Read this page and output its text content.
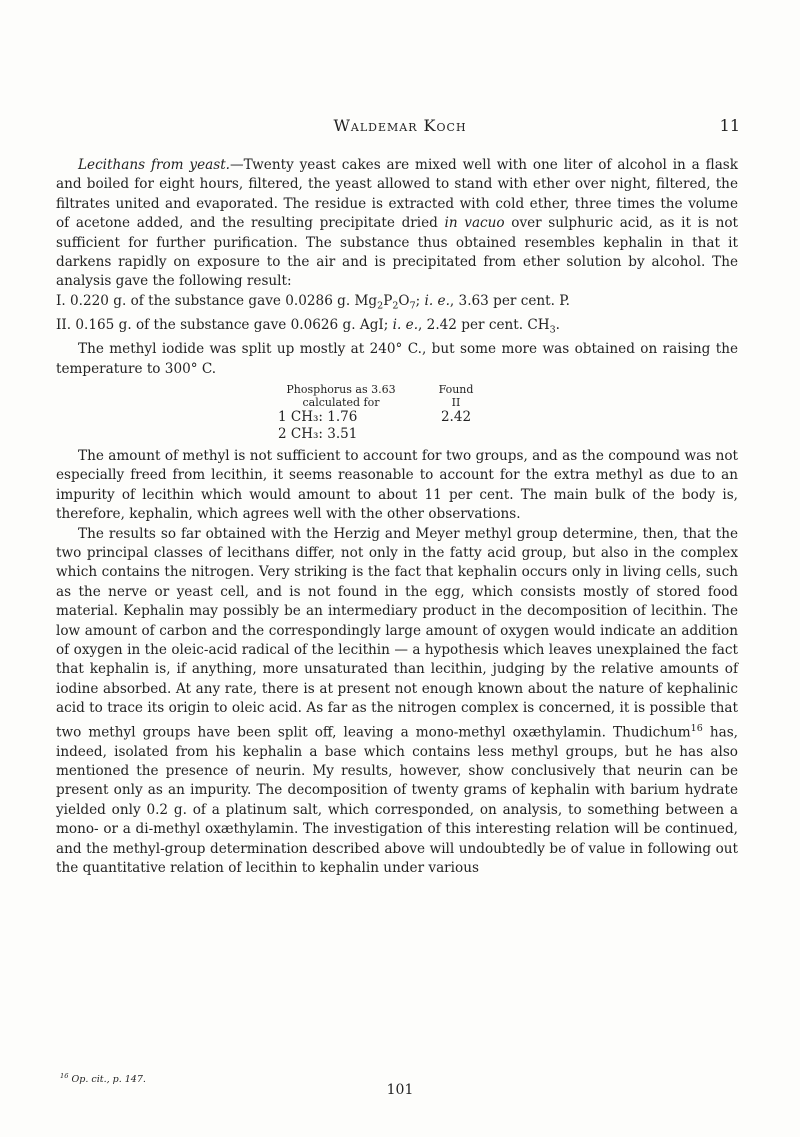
Waldemar Koch	11

Lecithans from yeast.—Twenty yeast cakes are mixed well with one liter of alcohol in a flask and boiled for eight hours, filtered, the yeast allowed to stand with ether over night, filtered, the filtrates united and evaporated. The residue is extracted with cold ether, three times the volume of acetone added, and the resulting precipitate dried in vacuo over sulphuric acid, as it is not sufficient for further purification. The substance thus obtained resembles kephalin in that it darkens rapidly on exposure to the air and is precipitated from ether solution by alcohol. The analysis gave the following result:

I. 0.220 g. of the substance gave 0.0286 g. $Mg_2P_2O_7$; i. e., 3.63 per cent. P.

II. 0.165 g. of the substance gave 0.0626 g. AgI; i. e., 2.42 per cent. $CH_3$.

The methyl iodide was split up mostly at 240° C., but some more was obtained on raising the temperature to 300° C.

Phosphorus as 3.63	Found
calculated for	II
1 CH₃: 1.76	2.42
2 CH₃: 3.51

The amount of methyl is not sufficient to account for two groups, and as the compound was not especially freed from lecithin, it seems reasonable to account for the extra methyl as due to an impurity of lecithin which would amount to about 11 per cent. The main bulk of the body is, therefore, kephalin, which agrees well with the other observations.

The results so far obtained with the Herzig and Meyer methyl group determine, then, that the two principal classes of lecithans differ, not only in the fatty acid group, but also in the complex which contains the nitrogen. Very striking is the fact that kephalin occurs only in living cells, such as the nerve or yeast cell, and is not found in the egg, which consists mostly of stored food material. Kephalin may possibly be an intermediary product in the decomposition of lecithin. The low amount of carbon and the correspondingly large amount of oxygen would indicate an addition of oxygen in the oleic-acid radical of the lecithin — a hypothesis which leaves unexplained the fact that kephalin is, if anything, more unsaturated than lecithin, judging by the relative amounts of iodine absorbed. At any rate, there is at present not enough known about the nature of kephalinic acid to trace its origin to oleic acid. As far as the nitrogen complex is concerned, it is possible that two methyl groups have been split off, leaving a mono-methyl oxæthylamin. Thudichum$^{16}$ has, indeed, isolated from his kephalin a base which contains less methyl groups, but he has also mentioned the presence of neurin. My results, however, show conclusively that neurin can be present only as an impurity. The decomposition of twenty grams of kephalin with barium hydrate yielded only 0.2 g. of a platinum salt, which corresponded, on analysis, to something between a mono- or a di-methyl oxæthylamin. The investigation of this interesting relation will be continued, and the methyl-group determination described above will undoubtedly be of value in following out the quantitative relation of lecithin to kephalin under various

$^{16}$ Op. cit., p. 147.
101
